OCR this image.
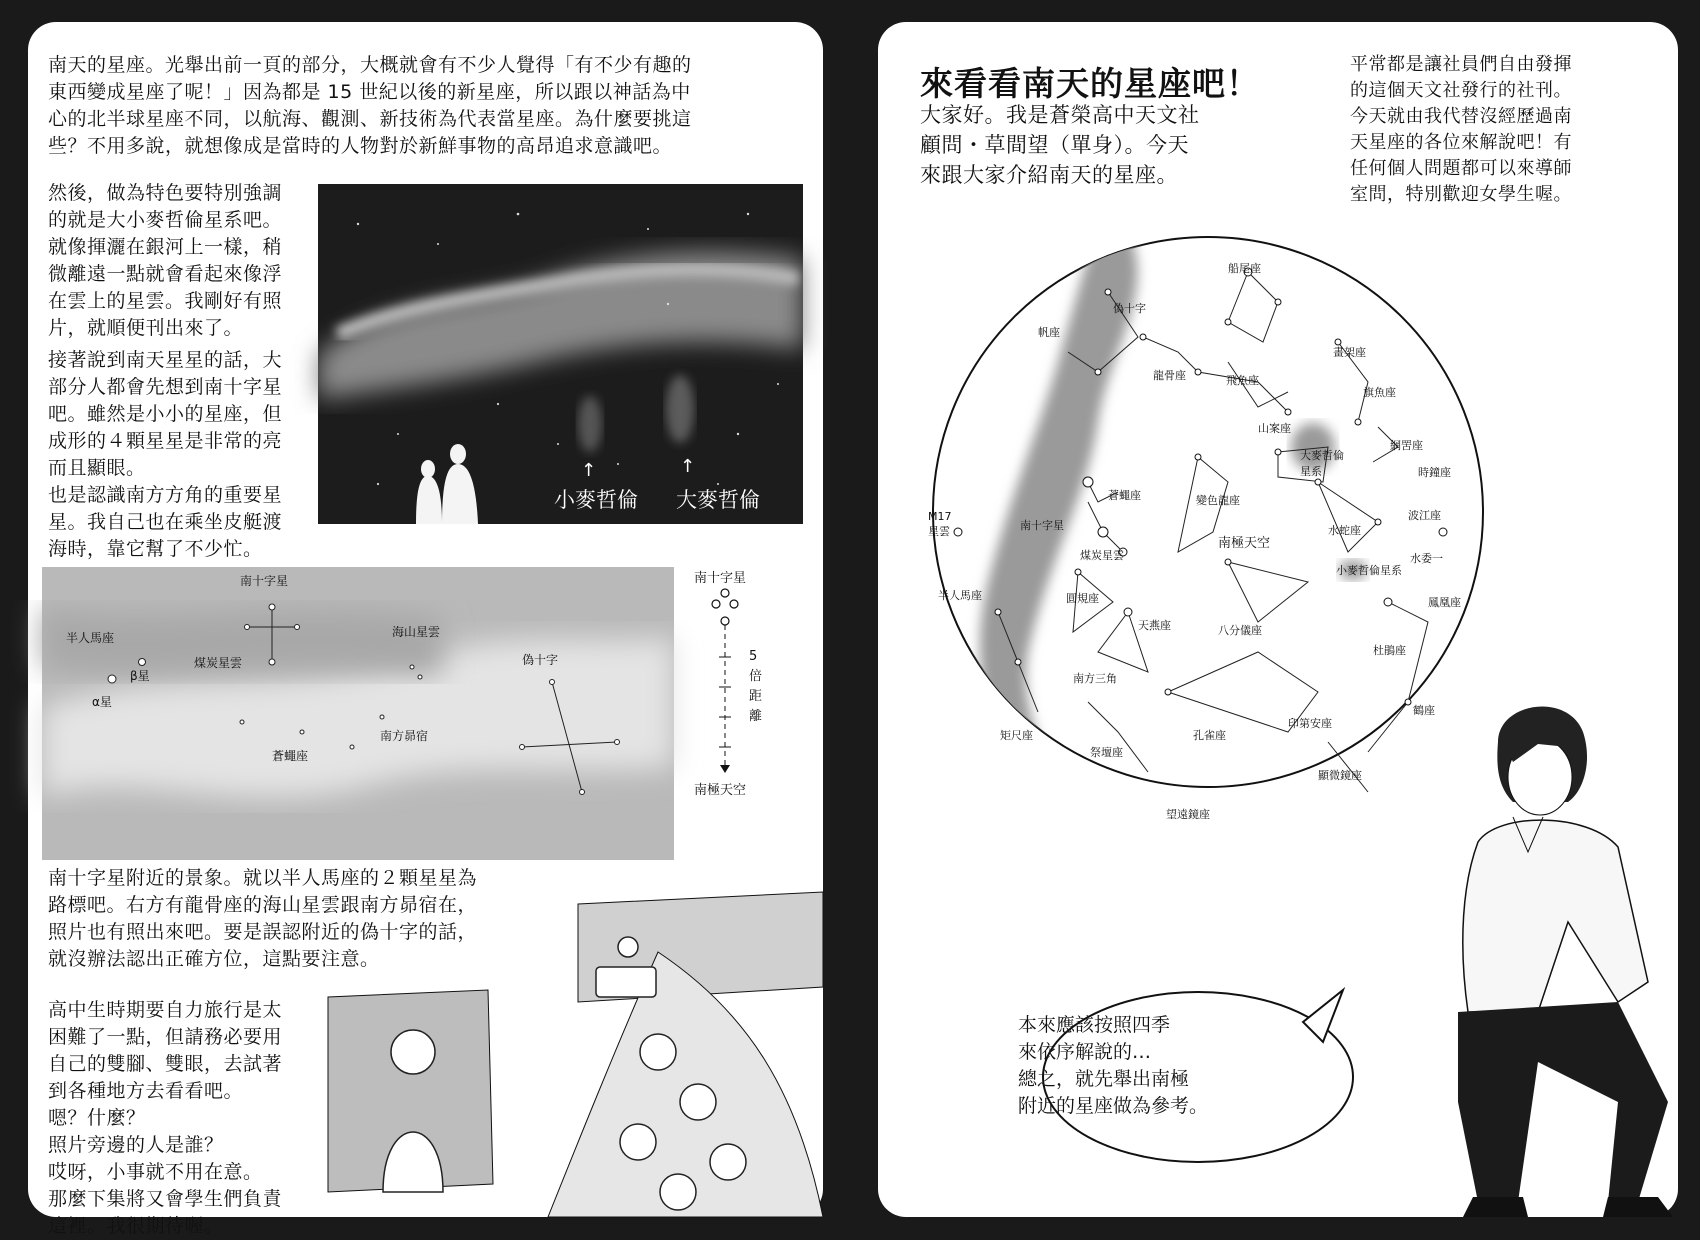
南天的星座。光舉出前一頁的部分，大概就會有不少人覺得「有不少有趣的
東西變成星座了呢！」因為都是 15 世紀以後的新星座，所以跟以神話為中
心的北半球星座不同，以航海、觀測、新技術為代表當星座。為什麼要挑這
些？不用多說，就想像成是當時的人物對於新鮮事物的高昂追求意識吧。
然後，做為特色要特別強調
的就是大小麥哲倫星系吧。
就像揮灑在銀河上一樣，稍
微離遠一點就會看起來像浮
在雲上的星雲。我剛好有照
片，就順便刊出來了。
接著說到南天星星的話，大
部分人都會先想到南十字星
吧。雖然是小小的星座，但
成形的４顆星星是非常的亮
而且顯眼。
也是認識南方方角的重要星
星。我自己也在乘坐皮艇渡
海時，靠它幫了不少忙。
↑	↑
小麥哲倫 大麥哲倫
南十字星
半人馬座
β星
α星
煤炭星雲
海山星雲
偽十字
南方昴宿
蒼蠅座
南十字星
5
倍
距
離
南極天空
南十字星附近的景象。就以半人馬座的２顆星星為
路標吧。右方有龍骨座的海山星雲跟南方昴宿在，
照片也有照出來吧。要是誤認附近的偽十字的話，
就沒辦法認出正確方位，這點要注意。
高中生時期要自力旅行是太
困難了一點，但請務必要用
自己的雙腳、雙眼，去試著
到各種地方去看看吧。
嗯？什麼？
照片旁邊的人是誰？
哎呀，小事就不用在意。
那麼下集將又會學生們負責
這裡。我很期待喔。
來看看南天的星座吧！
大家好。我是蒼榮高中天文社
顧問・草間望（單身）。今天
來跟大家介紹南天的星座。
平常都是讓社員們自由發揮
的這個天文社發行的社刊。
今天就由我代替沒經歷過南
天星座的各位來解說吧！有
任何個人問題都可以來導師
室問，特別歡迎女學生喔。
船尾座
偽十字
帆座
龍骨座	飛魚座
畫架座
旗魚座
山案座
大麥哲倫
星系
網罟座
時鐘座
蒼蠅座	變色龍座
南十字星
M17
星雲
煤炭星雲
南極天空
水蛇座
波江座
水委一
小麥哲倫星系
半人馬座	圓規座
天燕座	八分儀座
鳳凰座
杜鵑座
南方三角
矩尺座	孔雀座
印第安座
鶴座
祭壇座
顯微鏡座
望遠鏡座
本來應該按照四季
來依序解說的…
總之，就先舉出南極
附近的星座做為參考。
